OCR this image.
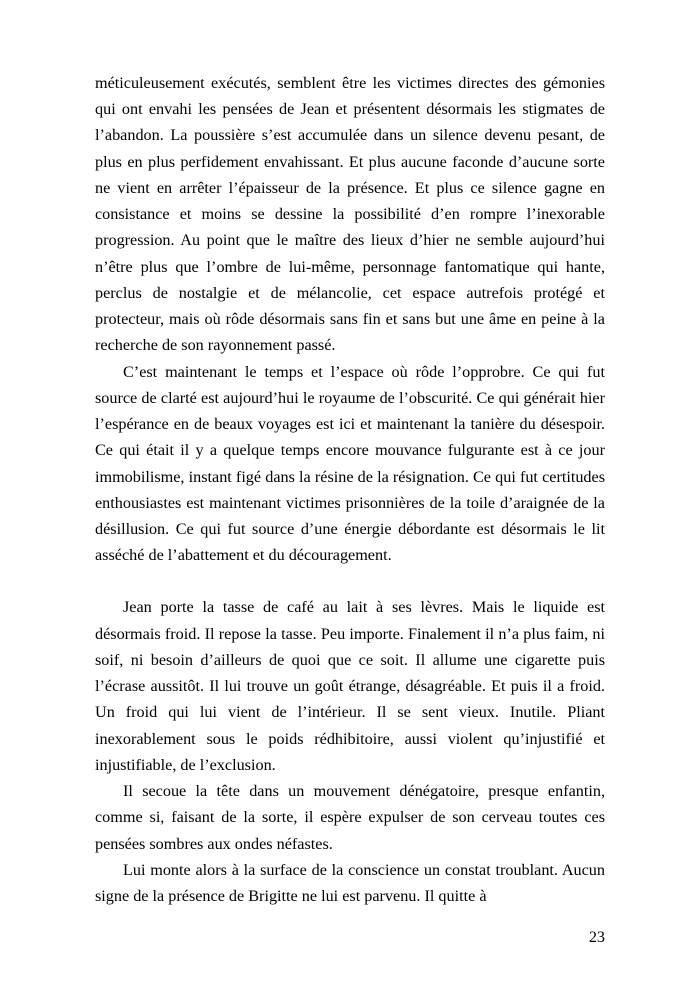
méticuleusement exécutés, semblent être les victimes directes des gémonies qui ont envahi les pensées de Jean et présentent désormais les stigmates de l’abandon. La poussière s’est accumulée dans un silence devenu pesant, de plus en plus perfidement envahissant. Et plus aucune faconde d’aucune sorte ne vient en arrêter l’épaisseur de la présence. Et plus ce silence gagne en consistance et moins se dessine la possibilité d’en rompre l’inexorable progression. Au point que le maître des lieux d’hier ne semble aujourd’hui n’être plus que l’ombre de lui-même, personnage fantomatique qui hante, perclus de nostalgie et de mélancolie, cet espace autrefois protégé et protecteur, mais où rôde désormais sans fin et sans but une âme en peine à la recherche de son rayonnement passé.

C’est maintenant le temps et l’espace où rôde l’opprobre. Ce qui fut source de clarté est aujourd’hui le royaume de l’obscurité. Ce qui générait hier l’espérance en de beaux voyages est ici et maintenant la tanière du désespoir. Ce qui était il y a quelque temps encore mouvance fulgurante est à ce jour immobilisme, instant figé dans la résine de la résignation. Ce qui fut certitudes enthousiastes est maintenant victimes prisonnières de la toile d’araignée de la désillusion. Ce qui fut source d’une énergie débordante est désormais le lit asséché de l’abattement et du découragement.

Jean porte la tasse de café au lait à ses lèvres. Mais le liquide est désormais froid. Il repose la tasse. Peu importe. Finalement il n’a plus faim, ni soif, ni besoin d’ailleurs de quoi que ce soit. Il allume une cigarette puis l’écrase aussitôt. Il lui trouve un goût étrange, désagréable. Et puis il a froid. Un froid qui lui vient de l’intérieur. Il se sent vieux. Inutile. Pliant inexorablement sous le poids rédhibitoire, aussi violent qu’injustifié et injustifiable, de l’exclusion.

Il secoue la tête dans un mouvement dénégatoire, presque enfantin, comme si, faisant de la sorte, il espère expulser de son cerveau toutes ces pensées sombres aux ondes néfastes.

Lui monte alors à la surface de la conscience un constat troublant. Aucun signe de la présence de Brigitte ne lui est parvenu. Il quitte à

23
